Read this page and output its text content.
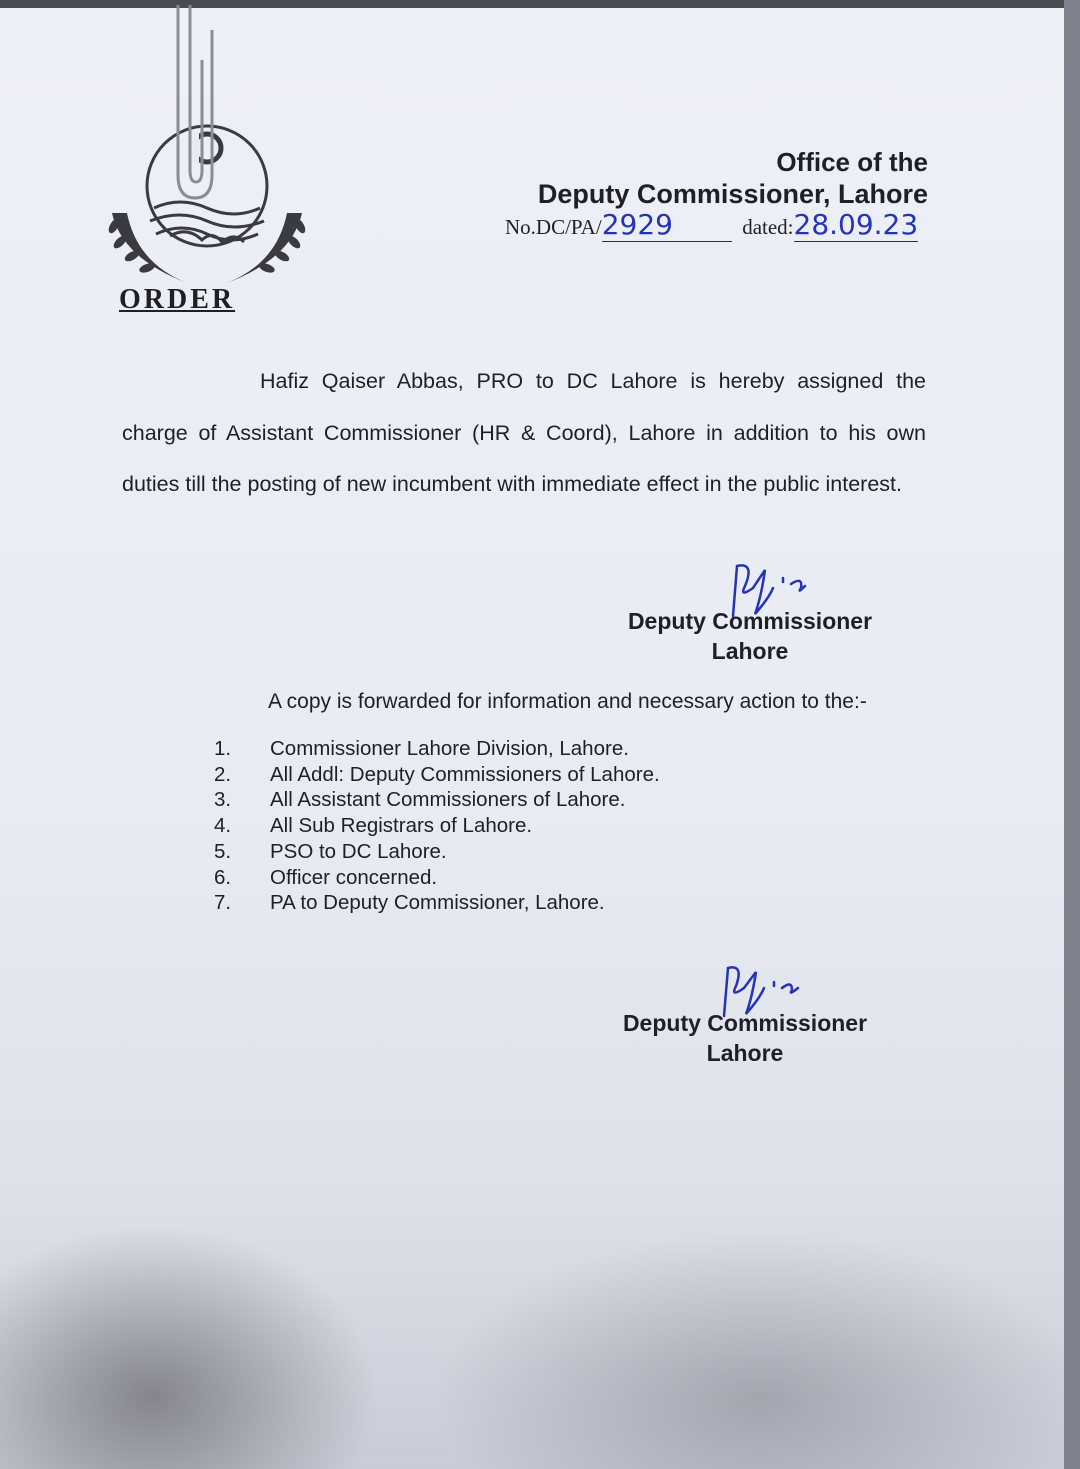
Office of the
Deputy Commissioner, Lahore
No.DC/PA/2929	dated:28.09.23
ORDER
Hafiz Qaiser Abbas, PRO to DC Lahore is hereby assigned the charge of Assistant Commissioner (HR & Coord), Lahore in addition to his own duties till the posting of new incumbent with immediate effect in the public interest.
Deputy Commissioner
Lahore
A copy is forwarded for information and necessary action to the:-
1.	Commissioner Lahore Division, Lahore.
2.	All Addl: Deputy Commissioners of Lahore.
3.	All Assistant Commissioners of Lahore.
4.	All Sub Registrars of Lahore.
5.	PSO to DC Lahore.
6.	Officer concerned.
7.	PA to Deputy Commissioner, Lahore.
Deputy Commissioner
Lahore
